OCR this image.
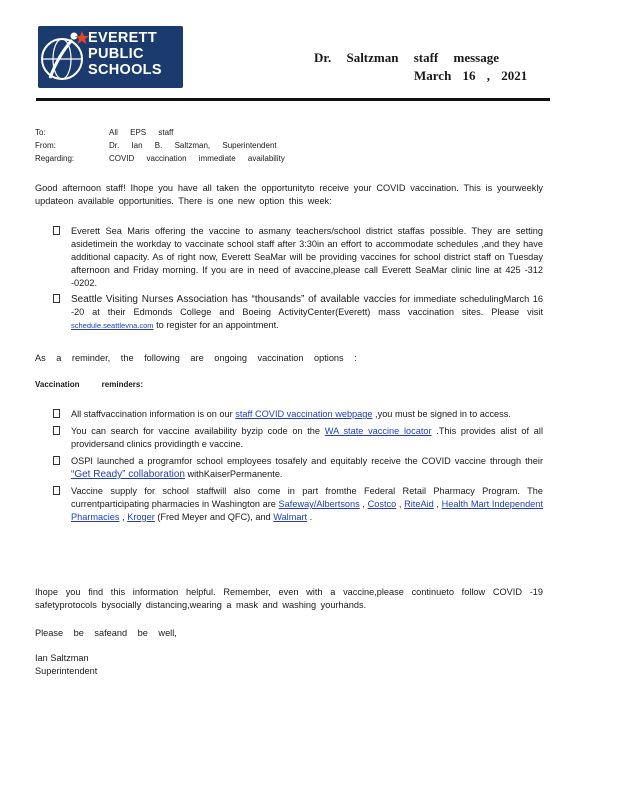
EVERETT
PUBLIC
SCHOOLS
Dr. Saltzman staff message
March 16 , 2021
To:	All EPS staff
From:	Dr. Ian B. Saltzman, Superintendent
Regarding:	COVID vaccination immediate availability

Good afternoon staff! Ihope you have all taken the opportunityto receive your COVID vaccination. This is yourweekly updateon available opportunities. There is one new option this week:

Everett Sea Maris offering the vaccine to asmany teachers/school district staffas possible. They are setting asidetimein the workday to vaccinate school staff after 3:30in an effort to accommodate schedules ,and they have additional capacity. As of right now, Everett SeaMar will be providing vaccines for school district staff on Tuesday afternoon and Friday morning. If you are in need of avaccine,please call Everett SeaMar clinic line at 425 -312 -0202.
Seattle Visiting Nurses Association has “thousands” of available vaccies for immediate schedulingMarch 16 -20 at their Edmonds College and Boeing ActivityCenter(Everett) mass vaccination sites. Please visit schedule.seattlevna.com to register for an appointment.

As a reminder, the following are ongoing vaccination options :

Vaccination reminders:
All staffvaccination information is on our staff COVID vaccination webpage ,you must be signed in to access.
You can search for vaccine availability byzip code on the WA state vaccine locator .This provides alist of all providersand clinics providingth e vaccine.
OSPI launched a programfor school employees tosafely and equitably receive the COVID vaccine through their “Get Ready” collaboration withKaiserPermanente.
Vaccine supply for school staffwill also come in part fromthe Federal Retail Pharmacy Program. The currentparticipating pharmacies in Washington are Safeway/Albertsons , Costco , RiteAid , Health Mart Independent Pharmacies , Kroger (Fred Meyer and QFC), and Walmart .

Ihope you find this information helpful. Remember, even with a vaccine,please continueto follow COVID -19 safetyprotocols bysocially distancing,wearing a mask and washing yourhands.

Please be safeand be well,

Ian Saltzman
Superintendent
